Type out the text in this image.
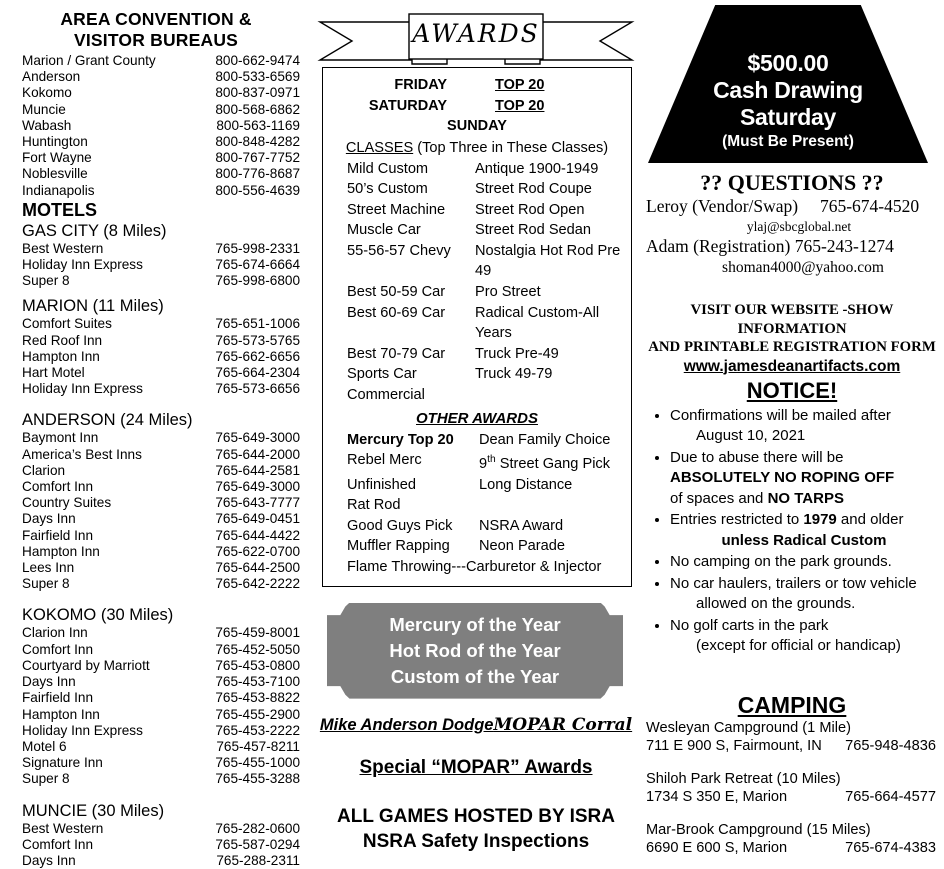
AREA CONVENTION &
VISITOR BUREAUS
Marion / Grant County	800-662-9474
Anderson	800-533-6569
Kokomo	800-837-0971
Muncie	800-568-6862
Wabash	800-563-1169
Huntington	800-848-4282
Fort Wayne	800-767-7752
Noblesville	800-776-8687
Indianapolis	800-556-4639
MOTELS
GAS CITY (8 Miles)
Best Western	765-998-2331
Holiday Inn Express	765-674-6664
Super 8	765-998-6800
MARION (11 Miles)
Comfort Suites	765-651-1006
Red Roof Inn	765-573-5765
Hampton Inn	765-662-6656
Hart Motel	765-664-2304
Holiday Inn Express	765-573-6656
ANDERSON (24 Miles)
Baymont Inn	765-649-3000
America’s Best Inns	765-644-2000
Clarion	765-644-2581
Comfort Inn	765-649-3000
Country Suites	765-643-7777
Days Inn	765-649-0451
Fairfield Inn	765-644-4422
Hampton Inn	765-622-0700
Lees Inn	765-644-2500
Super 8	765-642-2222
KOKOMO (30 Miles)
Clarion Inn	765-459-8001
Comfort Inn	765-452-5050
Courtyard by Marriott	765-453-0800
Days Inn	765-453-7100
Fairfield Inn	765-453-8822
Hampton Inn	765-455-2900
Holiday Inn Express	765-453-2222
Motel 6	765-457-8211
Signature Inn	765-455-1000
Super 8	765-455-3288
MUNCIE (30 Miles)
Best Western	765-282-0600
Comfort Inn	765-587-0294
Days Inn	765-288-2311
AWARDS
FRIDAY	TOP 20
SATURDAY	TOP 20
SUNDAY
CLASSES (Top Three in These Classes)
Mild Custom	Antique 1900-1949
50’s Custom	Street Rod Coupe
Street Machine	Street Rod Open
Muscle Car	Street Rod Sedan
55-56-57 Chevy	Nostalgia Hot Rod Pre 49
Best 50-59 Car	Pro Street
Best 60-69 Car	Radical Custom-All Years
Best 70-79 Car	Truck Pre-49
Sports Car	Truck 49-79
Commercial
OTHER AWARDS
Mercury Top 20	Dean Family Choice
Rebel Merc	9th Street Gang Pick
Unfinished	Long Distance
Rat Rod
Good Guys Pick	NSRA Award
Muffler Rapping	Neon Parade
Flame Throwing---Carburetor & Injector
Mercury of the Year
Hot Rod of the Year
Custom of the Year
Mike Anderson DodgeMOPAR Corral
Special “MOPAR” Awards
ALL GAMES HOSTED BY ISRA
NSRA Safety Inspections
$500.00
Cash Drawing
Saturday
(Must Be Present)
?? QUESTIONS ??
Leroy (Vendor/Swap) 765-674-4520
ylaj@sbcglobal.net
Adam (Registration) 765-243-1274
shoman4000@yahoo.com
VISIT OUR WEBSITE -SHOW INFORMATION
AND PRINTABLE REGISTRATION FORM
www.jamesdeanartifacts.com
NOTICE!
• Confirmations will be mailed after
August 10, 2021
• Due to abuse there will be
ABSOLUTELY NO ROPING OFF
of spaces and NO TARPS
• Entries restricted to 1979 and older
unless Radical Custom
• No camping on the park grounds.
• No car haulers, trailers or tow vehicle
allowed on the grounds.
• No golf carts in the park
(except for official or handicap)
CAMPING
Wesleyan Campground (1 Mile)
711 E 900 S, Fairmount, IN 765-948-4836
Shiloh Park Retreat (10 Miles)
1734 S 350 E, Marion	765-664-4577
Mar-Brook Campground (15 Miles)
6690 E 600 S, Marion	765-674-4383
